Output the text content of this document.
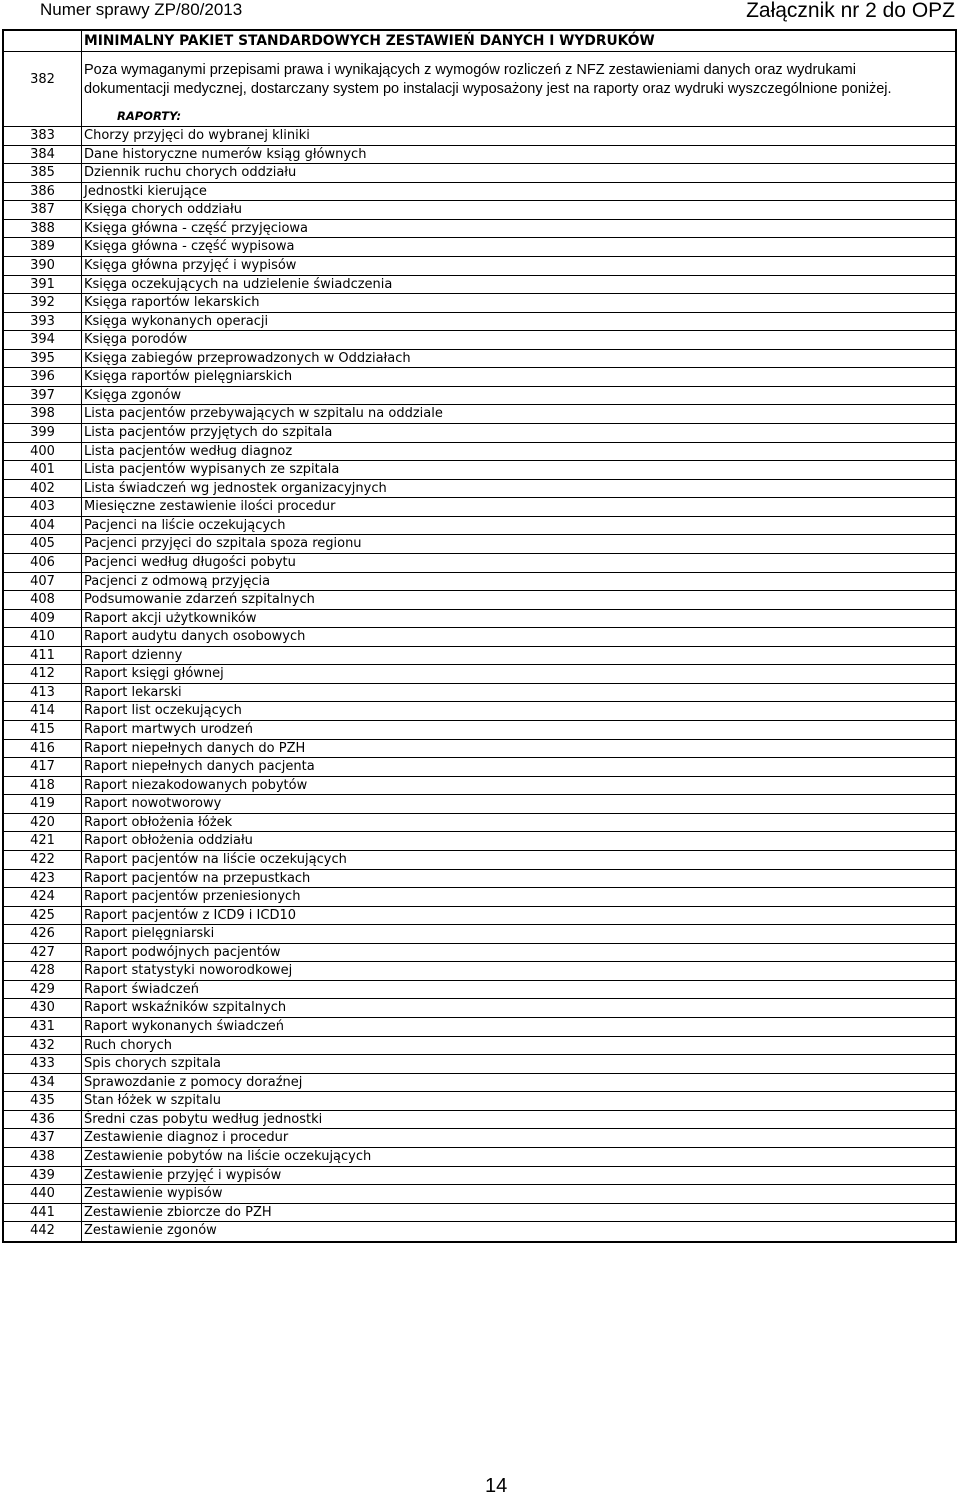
Numer sprawy ZP/80/2013	Załącznik nr 2 do OPZ
MINIMALNY PAKIET STANDARDOWYCH ZESTAWIEŃ DANYCH I WYDRUKÓW
382
Poza wymaganymi przepisami prawa i wynikających z wymogów rozliczeń z NFZ zestawieniami danych oraz wydrukami
dokumentacji medycznej, dostarczany system po instalacji wyposażony jest na raporty oraz wydruki wyszczególnione poniżej.
RAPORTY:
383	Chorzy przyjęci do wybranej kliniki
384	Dane historyczne numerów ksiąg głównych
385	Dziennik ruchu chorych oddziału
386	Jednostki kierujące
387	Księga chorych oddziału
388	Księga główna - część przyjęciowa
389	Księga główna - część wypisowa
390	Księga główna przyjęć i wypisów
391	Księga oczekujących na udzielenie świadczenia
392	Księga raportów lekarskich
393	Księga wykonanych operacji
394	Księga porodów
395	Księga zabiegów przeprowadzonych w Oddziałach
396	Księga raportów pielęgniarskich
397	Księga zgonów
398	Lista pacjentów przebywających w szpitalu na oddziale
399	Lista pacjentów przyjętych do szpitala
400	Lista pacjentów według diagnoz
401	Lista pacjentów wypisanych ze szpitala
402	Lista świadczeń wg jednostek organizacyjnych
403	Miesięczne zestawienie ilości procedur
404	Pacjenci na liście oczekujących
405	Pacjenci przyjęci do szpitala spoza regionu
406	Pacjenci według długości pobytu
407	Pacjenci z odmową przyjęcia
408	Podsumowanie zdarzeń szpitalnych
409	Raport akcji użytkowników
410	Raport audytu danych osobowych
411	Raport dzienny
412	Raport księgi głównej
413	Raport lekarski
414	Raport list oczekujących
415	Raport martwych urodzeń
416	Raport niepełnych danych do PZH
417	Raport niepełnych danych pacjenta
418	Raport niezakodowanych pobytów
419	Raport nowotworowy
420	Raport obłożenia łóżek
421	Raport obłożenia oddziału
422	Raport pacjentów na liście oczekujących
423	Raport pacjentów na przepustkach
424	Raport pacjentów przeniesionych
425	Raport pacjentów z ICD9 i ICD10
426	Raport pielęgniarski
427	Raport podwójnych pacjentów
428	Raport statystyki noworodkowej
429	Raport świadczeń
430	Raport wskaźników szpitalnych
431	Raport wykonanych świadczeń
432	Ruch chorych
433	Spis chorych szpitala
434	Sprawozdanie z pomocy doraźnej
435	Stan łóżek w szpitalu
436	Średni czas pobytu według jednostki
437	Zestawienie diagnoz i procedur
438	Zestawienie pobytów na liście oczekujących
439	Zestawienie przyjęć i wypisów
440	Zestawienie wypisów
441	Zestawienie zbiorcze do PZH
442	Zestawienie zgonów
14
